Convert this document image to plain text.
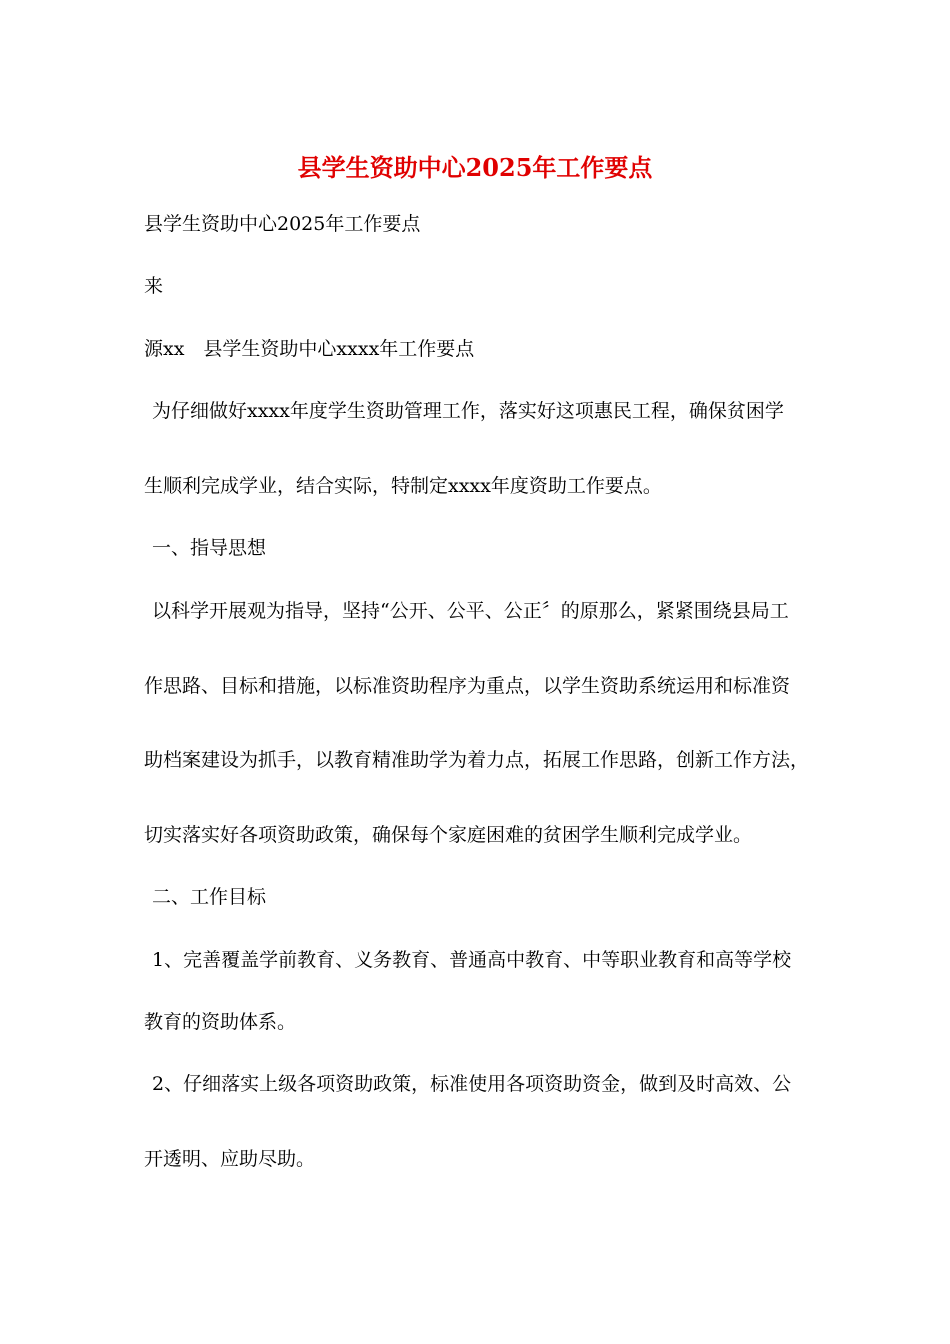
县学生资助中心2025年工作要点
县学生资助中心2025年工作要点
来
源xx　县学生资助中心xxxx年工作要点
为仔细做好xxxx年度学生资助管理工作，落实好这项惠民工程，确保贫困学
生顺利完成学业，结合实际，特制定xxxx年度资助工作要点。
一、指导思想
以科学开展观为指导，坚持“公开、公平、公正〞的原那么，紧紧围绕县局工
作思路、目标和措施，以标准资助程序为重点，以学生资助系统运用和标准资
助档案建设为抓手，以教育精准助学为着力点，拓展工作思路，创新工作方法，
切实落实好各项资助政策，确保每个家庭困难的贫困学生顺利完成学业。
二、工作目标
1、完善覆盖学前教育、义务教育、普通高中教育、中等职业教育和高等学校
教育的资助体系。
2、仔细落实上级各项资助政策，标准使用各项资助资金，做到及时高效、公
开透明、应助尽助。
